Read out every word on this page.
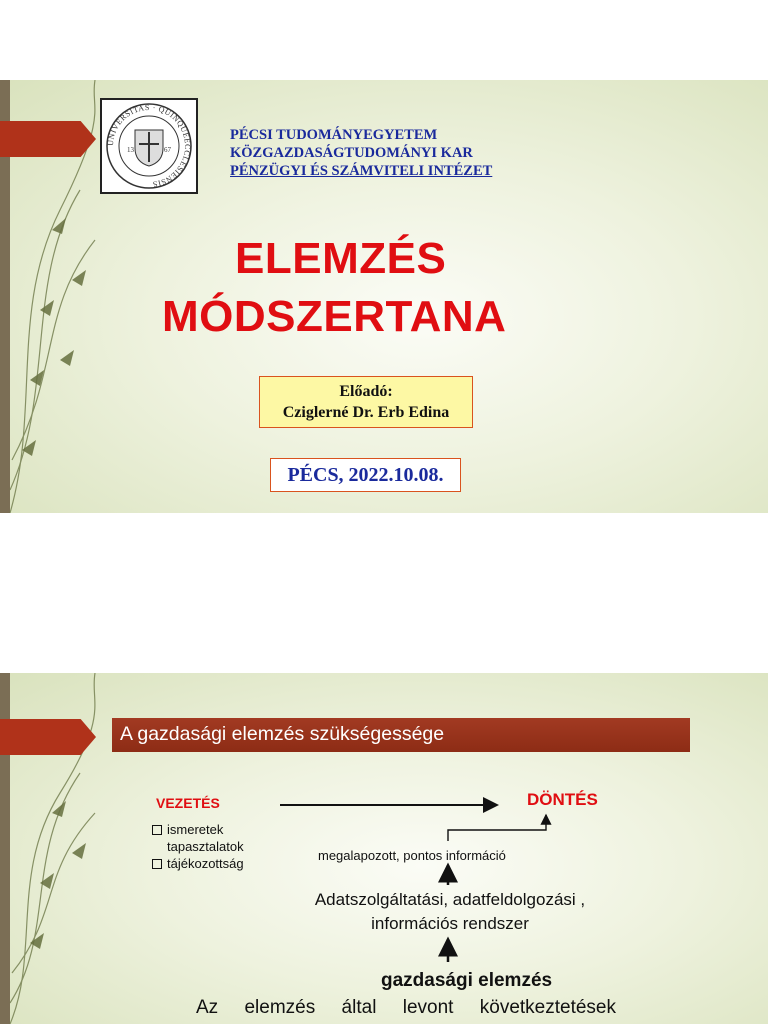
UNIVERSITAS · QUINQUEECCLESIENSIS
13	67
PÉCSI TUDOMÁNYEGYETEM
KÖZGAZDASÁGTUDOMÁNYI KAR
PÉNZÜGYI ÉS SZÁMVITELI INTÉZET
ELEMZÉS
MÓDSZERTANA
Előadó:
Cziglerné Dr. Erb Edina
PÉCS, 2022.10.08.
A gazdasági elemzés szükségessége
VEZETÉS
ismeretek
tapasztalatok
tájékozottság
DÖNTÉS
megalapozott, pontos információ
Adatszolgáltatási, adatfeldolgozási ,
információs rendszer
gazdasági elemzés
Az elemzés által levont következtetések
